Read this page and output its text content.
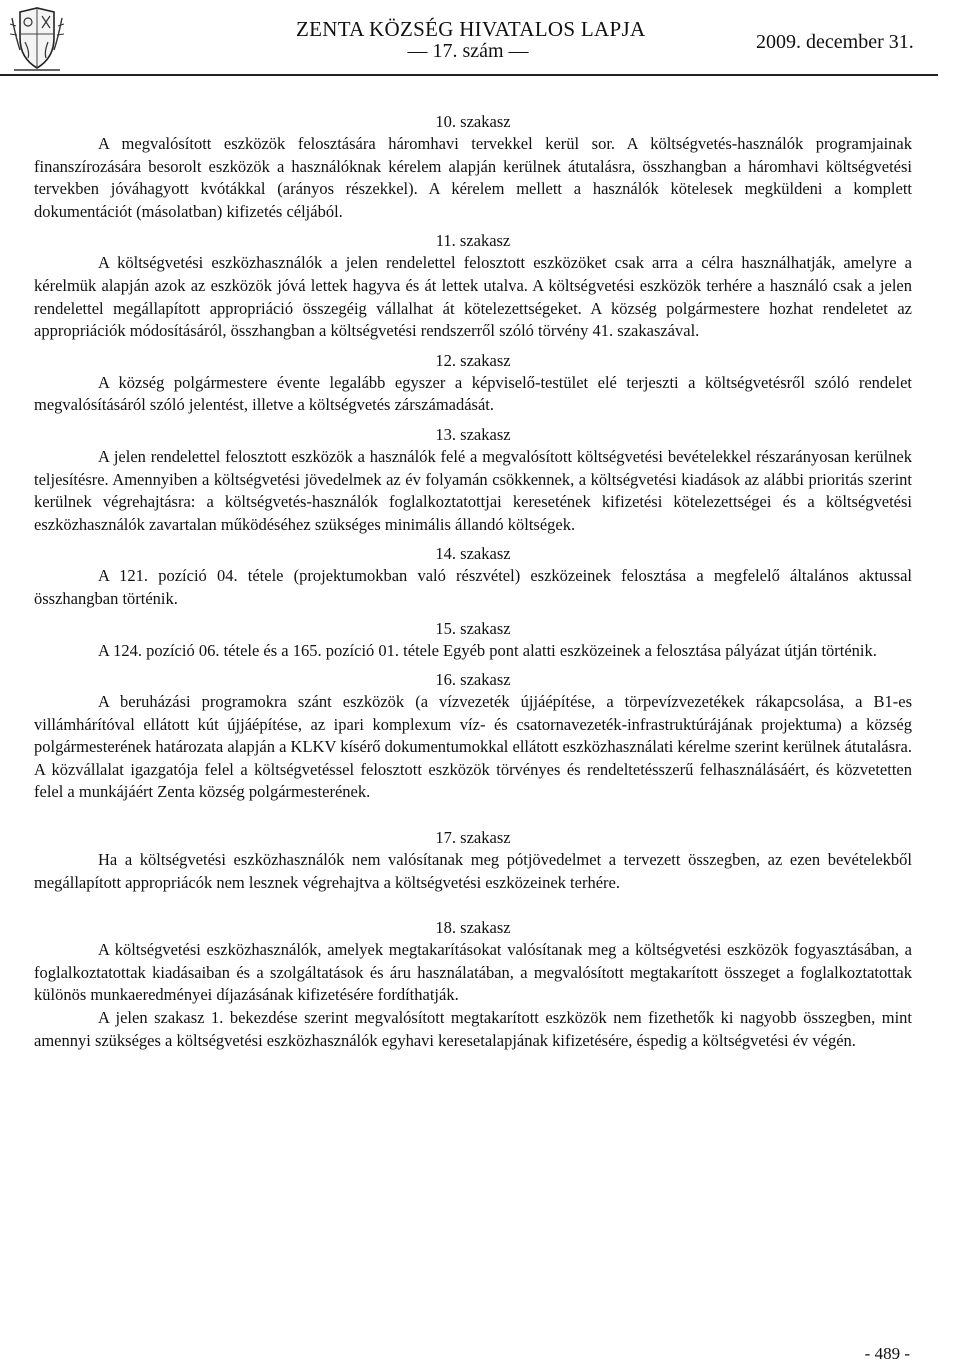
ZENTA KÖZSÉG HIVATALOS LAPJA
— 17. szám —	2009. december 31.

10. szakasz

A megvalósított eszközök felosztására háromhavi tervekkel kerül sor. A költségvetés-használók programjainak finanszírozására besorolt eszközök a használóknak kérelem alapján kerülnek átutalásra, összhangban a háromhavi költségvetési tervekben jóváhagyott kvótákkal (arányos részekkel). A kérelem mellett a használók kötelesek megküldeni a komplett dokumentációt (másolatban) kifizetés céljából.

11. szakasz

A költségvetési eszközhasználók a jelen rendelettel felosztott eszközöket csak arra a célra használhatják, amelyre a kérelmük alapján azok az eszközök jóvá lettek hagyva és át lettek utalva. A költségvetési eszközök terhére a használó csak a jelen rendelettel megállapított appropriáció összegéig vállalhat át kötelezettségeket. A község polgármestere hozhat rendeletet az appropriációk módosításáról, összhangban a költségvetési rendszerről szóló törvény 41. szakaszával.

12. szakasz

A község polgármestere évente legalább egyszer a képviselő-testület elé terjeszti a költségvetésről szóló rendelet megvalósításáról szóló jelentést, illetve a költségvetés zárszámadását.

13. szakasz

A jelen rendelettel felosztott eszközök a használók felé a megvalósított költségvetési bevételekkel részarányosan kerülnek teljesítésre. Amennyiben a költségvetési jövedelmek az év folyamán csökkennek, a költségvetési kiadások az alábbi prioritás szerint kerülnek végrehajtásra: a költségvetés-használók foglalkoztatottjai keresetének kifizetési kötelezettségei és a költségvetési eszközhasználók zavartalan működéséhez szükséges minimális állandó költségek.

14. szakasz

A 121. pozíció 04. tétele (projektumokban való részvétel) eszközeinek felosztása a megfelelő általános aktussal összhangban történik.

15. szakasz

A 124. pozíció 06. tétele és a 165. pozíció 01. tétele Egyéb pont alatti eszközeinek a felosztása pályázat útján történik.

16. szakasz

A beruházási programokra szánt eszközök (a vízvezeték újjáépítése, a törpevízvezetékek rákapcsolása, a B1-es villámhárítóval ellátott kút újjáépítése, az ipari komplexum víz- és csatornavezeték-infrastruktúrájának projektuma) a község polgármesterének határozata alapján a KLKV kísérő dokumentumokkal ellátott eszközhasználati kérelme szerint kerülnek átutalásra. A közvállalat igazgatója felel a költségvetéssel felosztott eszközök törvényes és rendeltetésszerű felhasználásáért, és közvetetten felel a munkájáért Zenta község polgármesterének.

17. szakasz

Ha a költségvetési eszközhasználók nem valósítanak meg pótjövedelmet a tervezett összegben, az ezen bevételekből megállapított appropriácók nem lesznek végrehajtva a költségvetési eszközeinek terhére.

18. szakasz

A költségvetési eszközhasználók, amelyek megtakarításokat valósítanak meg a költségvetési eszközök fogyasztásában, a foglalkoztatottak kiadásaiban és a szolgáltatások és áru használatában, a megvalósított megtakarított összeget a foglalkoztatottak különös munkaeredményei díjazásának kifizetésére fordíthatják.

A jelen szakasz 1. bekezdése szerint megvalósított megtakarított eszközök nem fizethetők ki nagyobb összegben, mint amennyi szükséges a költségvetési eszközhasználók egyhavi keresetalapjának kifizetésére, éspedig a költségvetési év végén.

- 489 -
